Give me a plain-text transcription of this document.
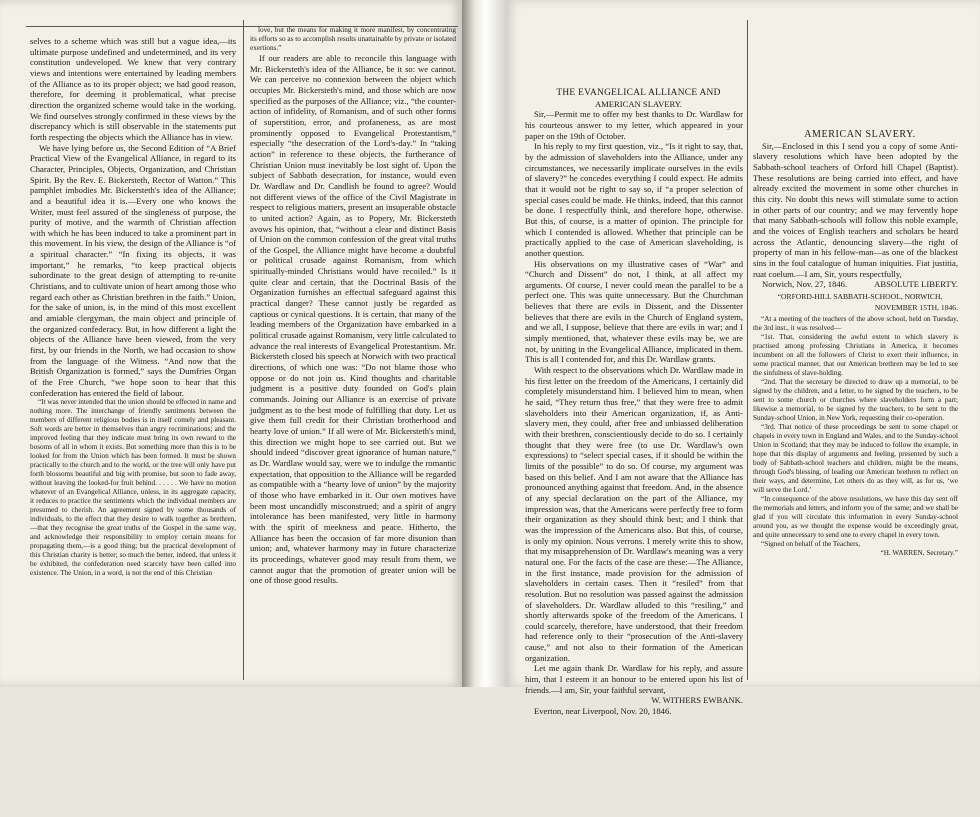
selves to a scheme which was still but a vague idea,—its ultimate purpose undefined and undetermined, and its very constitution undeveloped. We knew that very contrary views and intentions were entertained by leading members of the Alliance as to its proper object; we had good reason, therefore, for deeming it problematical, what precise direction the organized scheme would take in the working. We find ourselves strongly confirmed in these views by the discrepancy which is still observable in the statements put forth respecting the objects which the Alliance has in view.

We have lying before us, the Second Edition of “A Brief Practical View of the Evangelical Alliance, in regard to its Character, Principles, Objects, Organization, and Christian Spirit. By the Rev. E. Bickersteth, Rector of Watton.” This pamphlet imbodies Mr. Bickersteth's idea of the Alliance; and a beautiful idea it is.—Every one who knows the Writer, must feel assured of the singleness of purpose, the purity of motive, and the warmth of Christian affection with which he has been induced to take a prominent part in this movement. In his view, the design of the Alliance is “of a spiritual character.” “In fixing its objects, it was important,” he remarks, “to keep practical objects subordinate to the great design of attempting to re-unite Christians, and to cultivate union of heart among those who regard each other as Christian brethren in the faith.” Union, for the sake of union, is, in the mind of this most excellent and amiable clergyman, the main object and principle of the organized confederacy. But, in how different a light the objects of the Alliance have been viewed, from the very first, by our friends in the North, we had occasion to show from the language of the Witness. “And now that the British Organization is formed,” says the Dumfries Organ of the Free Church, “we hope soon to hear that this confederation has entered the field of labour.

“It was never intended that the union should be effected in name and nothing more. The interchange of friendly sentiments between the members of different religious bodies is in itself comely and pleasant. Soft words are better in themselves than angry recriminations; and the improved feeling that they indicate must bring its own reward to the bosoms of all in whom it exists. But something more than this is to be looked for from the Union which has been formed. It must be shown practically to the church and to the world, or the tree will only have put forth blossoms beautiful and big with promise, but soon to fade away, without leaving the looked-for fruit behind. . . . . . We have no motion whatever of an Evangelical Alliance, unless, in its aggregate capacity, it reduces to practice the sentiments which the individual members are presumed to cherish. An agreement signed by some thousands of individuals, to the effect that they desire to walk together as brethren,—that they recognise the great truths of the Gospel in the same way, and acknowledge their responsibility to employ certain means for propagating them,—is a good thing; but the practical development of this Christian charity is better; so much the better, indeed, that unless it be exhibited, the confederation need scarcely have been called into existence. The Union, in a word, is not the end of this Christian

love, but the means for making it more manifest, by concentrating its efforts so as to accomplish results unattainable by private or isolated exertions.”

If our readers are able to reconcile this language with Mr. Bickersteth's idea of the Alliance, be it so: we cannot. We can perceive no connexion between the object which occupies Mr. Bickersteth's mind, and those which are now specified as the purposes of the Alliance; viz., “the counter-action of infidelity, of Romanism, and of such other forms of superstition, error, and profaneness, as are most prominently opposed to Evangelical Protestantism,” especially “the desecration of the Lord's-day.” In “taking action” in reference to these objects, the furtherance of Christian Union must inevitably be lost sight of. Upon the subject of Sabbath desecration, for instance, would even Dr. Wardlaw and Dr. Candlish be found to agree? Would not different views of the office of the Civil Magistrate in respect to religious matters, present an insuperable obstacle to united action? Again, as to Popery, Mr. Bickersteth avows his opinion, that, “without a clear and distinct Basis of Union on the common confession of the great vital truths of the Gospel, the Alliance might have become a doubtful or political crusade against Romanism, from which spiritually-minded Christians would have recoiled.” Is it quite clear and certain, that the Doctrinal Basis of the Organization furnishes an effectual safeguard against this practical danger? These cannot justly be regarded as captious or cynical questions. It is certain, that many of the leading members of the Organization have embarked in a political crusade against Romanism, very little calculated to advance the real interests of Evangelical Protestantism. Mr. Bickersteth closed his speech at Norwich with two practical directions, of which one was: “Do not blame those who oppose or do not join us. Kind thoughts and charitable judgment is a positive duty founded on God's plain commands. Joining our Alliance is an exercise of private judgment as to the best mode of fulfilling that duty. Let us give them full credit for their Christian brotherhood and hearty love of union.” If all were of Mr. Bickersteth's mind, this direction we might hope to see carried out. But we should indeed “discover great ignorance of human nature,” as Dr. Wardlaw would say, were we to indulge the romantic expectation, that opposition to the Alliance will be regarded as compatible with a “hearty love of union” by the majority of those who have embarked in it. Our own motives have been most uncandidly misconstrued; and a spirit of angry intolerance has been manifested, very little in harmony with the spirit of meekness and peace. Hitherto, the Alliance has been the occasion of far more disunion than union; and, whatever harmony may in future characterize its proceedings, whatever good may result from them, we cannot augur that the promotion of greater union will be one of those good results.

THE EVANGELICAL ALLIANCE AND

AMERICAN SLAVERY.

Sir,—Permit me to offer my best thanks to Dr. Wardlaw for his courteous answer to my letter, which appeared in your paper on the 19th of October.

In his reply to my first question, viz., “Is it right to say, that, by the admission of slaveholders into the Alliance, under any circumstances, we necessarily implicate ourselves in the evils of slavery?” he concedes everything I could expect. He admits that it would not be right to say so, if “a proper selection of special cases could be made. He thinks, indeed, that this cannot be done. I respectfully think, and therefore hope, otherwise. But this, of course, is a matter of opinion. The principle for which I contended is allowed. Whether that principle can be practically applied to the case of American slaveholding, is another question.

His observations on my illustrative cases of “War” and “Church and Dissent” do not, I think, at all affect my arguments. Of course, I never could mean the parallel to be a perfect one. This was quite unnecessary. But the Churchman believes that there are evils in Dissent, and the Dissenter believes that there are evils in the Church of England system, and we all, I suppose, believe that there are evils in war; and I simply mentioned, that, whatever these evils may be, we are not, by uniting in the Evangelical Alliance, implicated in them. This is all I contended for, and this Dr. Wardlaw grants.

With respect to the observations which Dr. Wardlaw made in his first letter on the freedom of the Americans, I certainly did completely misunderstand him. I believed him to mean, when he said, “They return thus free,” that they were free to admit slaveholders into their American organization, if, as Anti-slavery men, they could, after free and unbiassed deliberation with their brethren, conscientiously decide to do so. I certainly thought that they were free (to use Dr. Wardlaw's own expressions) to “select special cases, if it should be within the limits of the possible” to do so. Of course, my argument was based on this belief. And I am not aware that the Alliance has pronounced anything against that freedom. And, in the absence of any special declaration on the part of the Alliance, my impression was, that the Americans were perfectly free to form their organization as they should think best; and I think that was the impression of the Americans also. But this, of course, is only my opinion. Nous verrons. I merely write this to show, that my misapprehension of Dr. Wardlaw's meaning was a very natural one. For the facts of the case are these:—The Alliance, in the first instance, made provision for the admission of slaveholders in certain cases. Then it “resiled” from that resolution. But no resolution was passed against the admission of slaveholders. Dr. Wardlaw alluded to this “resiling,” and shortly afterwards spoke of the freedom of the Americans. I could scarcely, therefore, have understood, that their freedom had reference only to their “prosecution of the Anti-slavery cause,” and not also to their formation of the American organization.

Let me again thank Dr. Wardlaw for his reply, and assure him, that I esteem it an honour to be entered upon his list of friends.—I am, Sir, your faithful servant,

W. WITHERS EWBANK.

Everton, near Liverpool, Nov. 20, 1846.

AMERICAN SLAVERY.

Sir,—Enclosed in this I send you a copy of some Anti-slavery resolutions which have been adopted by the Sabbath-school teachers of Orford hill Chapel (Baptist). These resolutions are being carried into effect, and have already excited the movement in some other churches in this city. No doubt this news will stimulate some to action in other parts of our country; and we may fervently hope that many Sabbath-schools will follow this noble example, and the voices of English teachers and scholars be heard across the Atlantic, denouncing slavery—the right of property of man in his fellow-man—as one of the blackest sins in the foul catalogue of human iniquities. Fiat justitia, ruat coelum.—I am, Sir, yours respectfully,

Norwich, Nov. 27, 1846.	ABSOLUTE LIBERTY.

“ORFORD-HILL SABBATH-SCHOOL, NORWICH,

NOVEMBER 15TH, 1846.

“At a meeting of the teachers of the above school, held on Tuesday, the 3rd inst., it was resolved—

“1st. That, considering the awful extent to which slavery is practised among professing Christians in America, it becomes incumbent on all the followers of Christ to exert their influence, in some practical manner, that our American brethren may be led to see the sinfulness of slave-holding.

“2nd. That the secretary be directed to draw up a memorial, to be signed by the children, and a letter, to be signed by the teachers, to be sent to some church or churches where slaveholders form a part; likewise a memorial, to be signed by the teachers, to be sent to the Sunday-school Union, in New York, requesting their co-operation.

“3rd. That notice of these proceedings be sent to some chapel or chapels in every town in England and Wales, and to the Sunday-school Union in Scotland; that they may be induced to follow the example, in hope that this display of arguments and feeling, presented by such a body of Sabbath-school teachers and children, might be the means, through God's blessing, of leading our American brethren to reflect on their ways, and determine, Let others do as they will, as for us, ‘we will serve the Lord.’

“In consequence of the above resolutions, we have this day sent off the memorials and letters, and inform you of the same; and we shall be glad if you will circulate this information in every Sunday-school around you, as we thought the expense would be exceedingly great, and quite unnecessary to send one to every chapel in every town.

“Signed on behalf of the Teachers,

“H. WARREN, Secretary.”
